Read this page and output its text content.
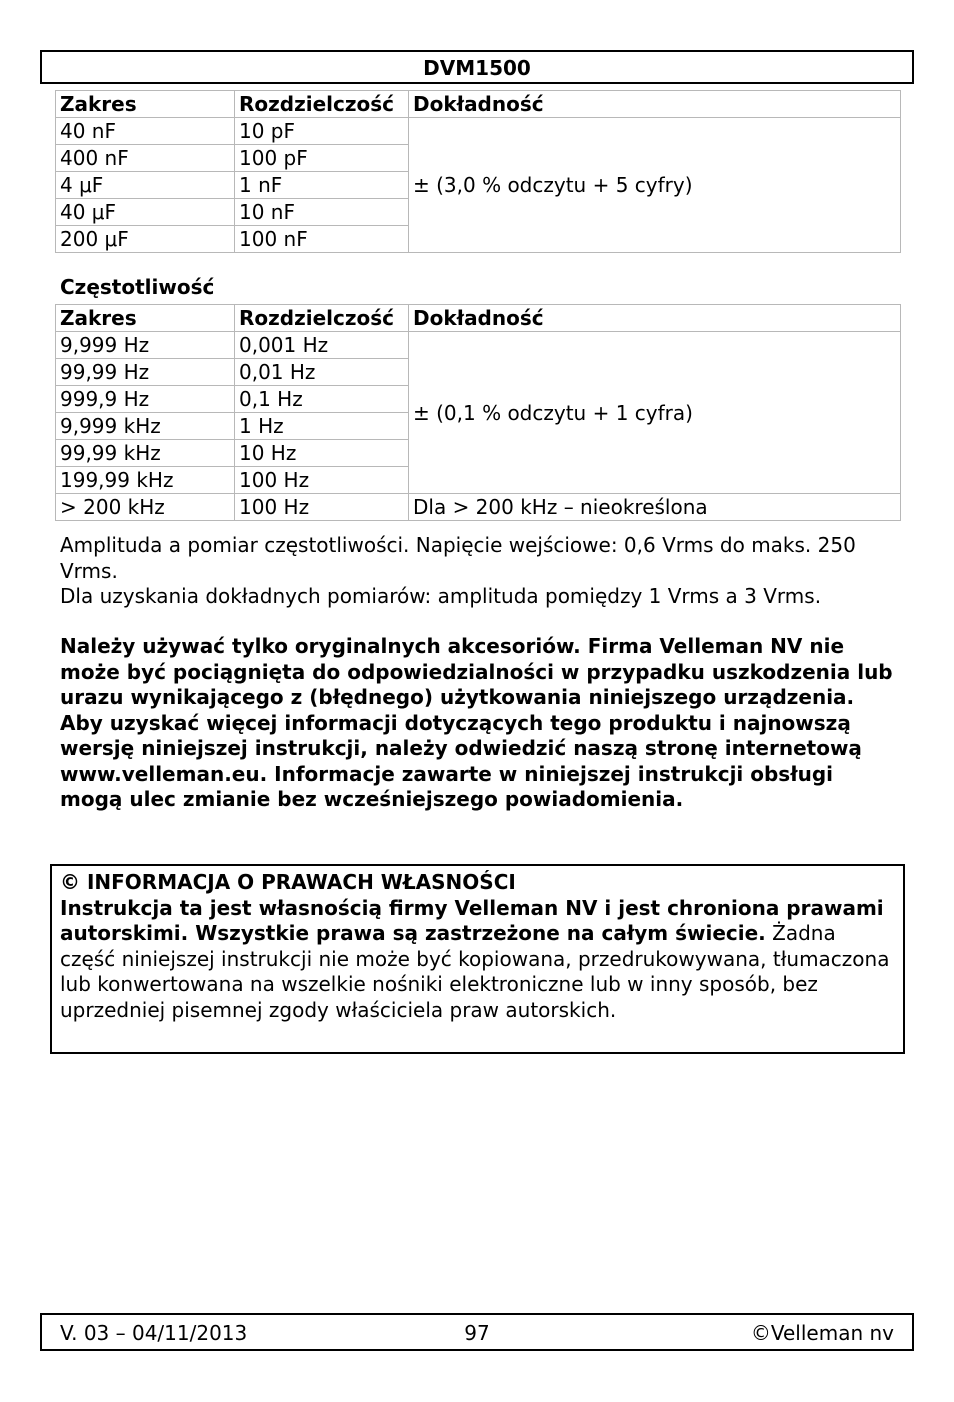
DVM1500
Zakres	Rozdzielczość	Dokładność
40 nF	10 pF	± (3,0 % odczytu + 5 cyfry)
400 nF	100 pF	
4 μF	1 nF	
40 μF	10 nF	
200 μF	100 nF	
Częstotliwość
Zakres	Rozdzielczość	Dokładność
9,999 Hz	0,001 Hz	± (0,1 % odczytu + 1 cyfra)
99,99 Hz	0,01 Hz	
999,9 Hz	0,1 Hz	
9,999 kHz	1 Hz	
99,99 kHz	10 Hz	
199,99 kHz	100 Hz	
> 200 kHz	100 Hz	Dla > 200 kHz – nieokreślona

Amplituda a pomiar częstotliwości. Napięcie wejściowe: 0,6 Vrms do maks. 250 Vrms.

Dla uzyskania dokładnych pomiarów: amplituda pomiędzy 1 Vrms a 3 Vrms.

Należy używać tylko oryginalnych akcesoriów. Firma Velleman NV nie może być pociągnięta do odpowiedzialności w przypadku uszkodzenia lub urazu wynikającego z (błędnego) użytkowania niniejszego urządzenia. Aby uzyskać więcej informacji dotyczących tego produktu i najnowszą wersję niniejszej instrukcji, należy odwiedzić naszą stronę internetową www.velleman.eu. Informacje zawarte w niniejszej instrukcji obsługi mogą ulec zmianie bez wcześniejszego powiadomienia.
© INFORMACJA O PRAWACH WŁASNOŚCI
Instrukcja ta jest własnością firmy Velleman NV i jest chroniona prawami autorskimi. Wszystkie prawa są zastrzeżone na całym świecie. Żadna część niniejszej instrukcji nie może być kopiowana, przedrukowywana, tłumaczona lub konwertowana na wszelkie nośniki elektroniczne lub w inny sposób, bez uprzedniej pisemnej zgody właściciela praw autorskich.
97
V. 03 – 04/11/2013	©Velleman nv
